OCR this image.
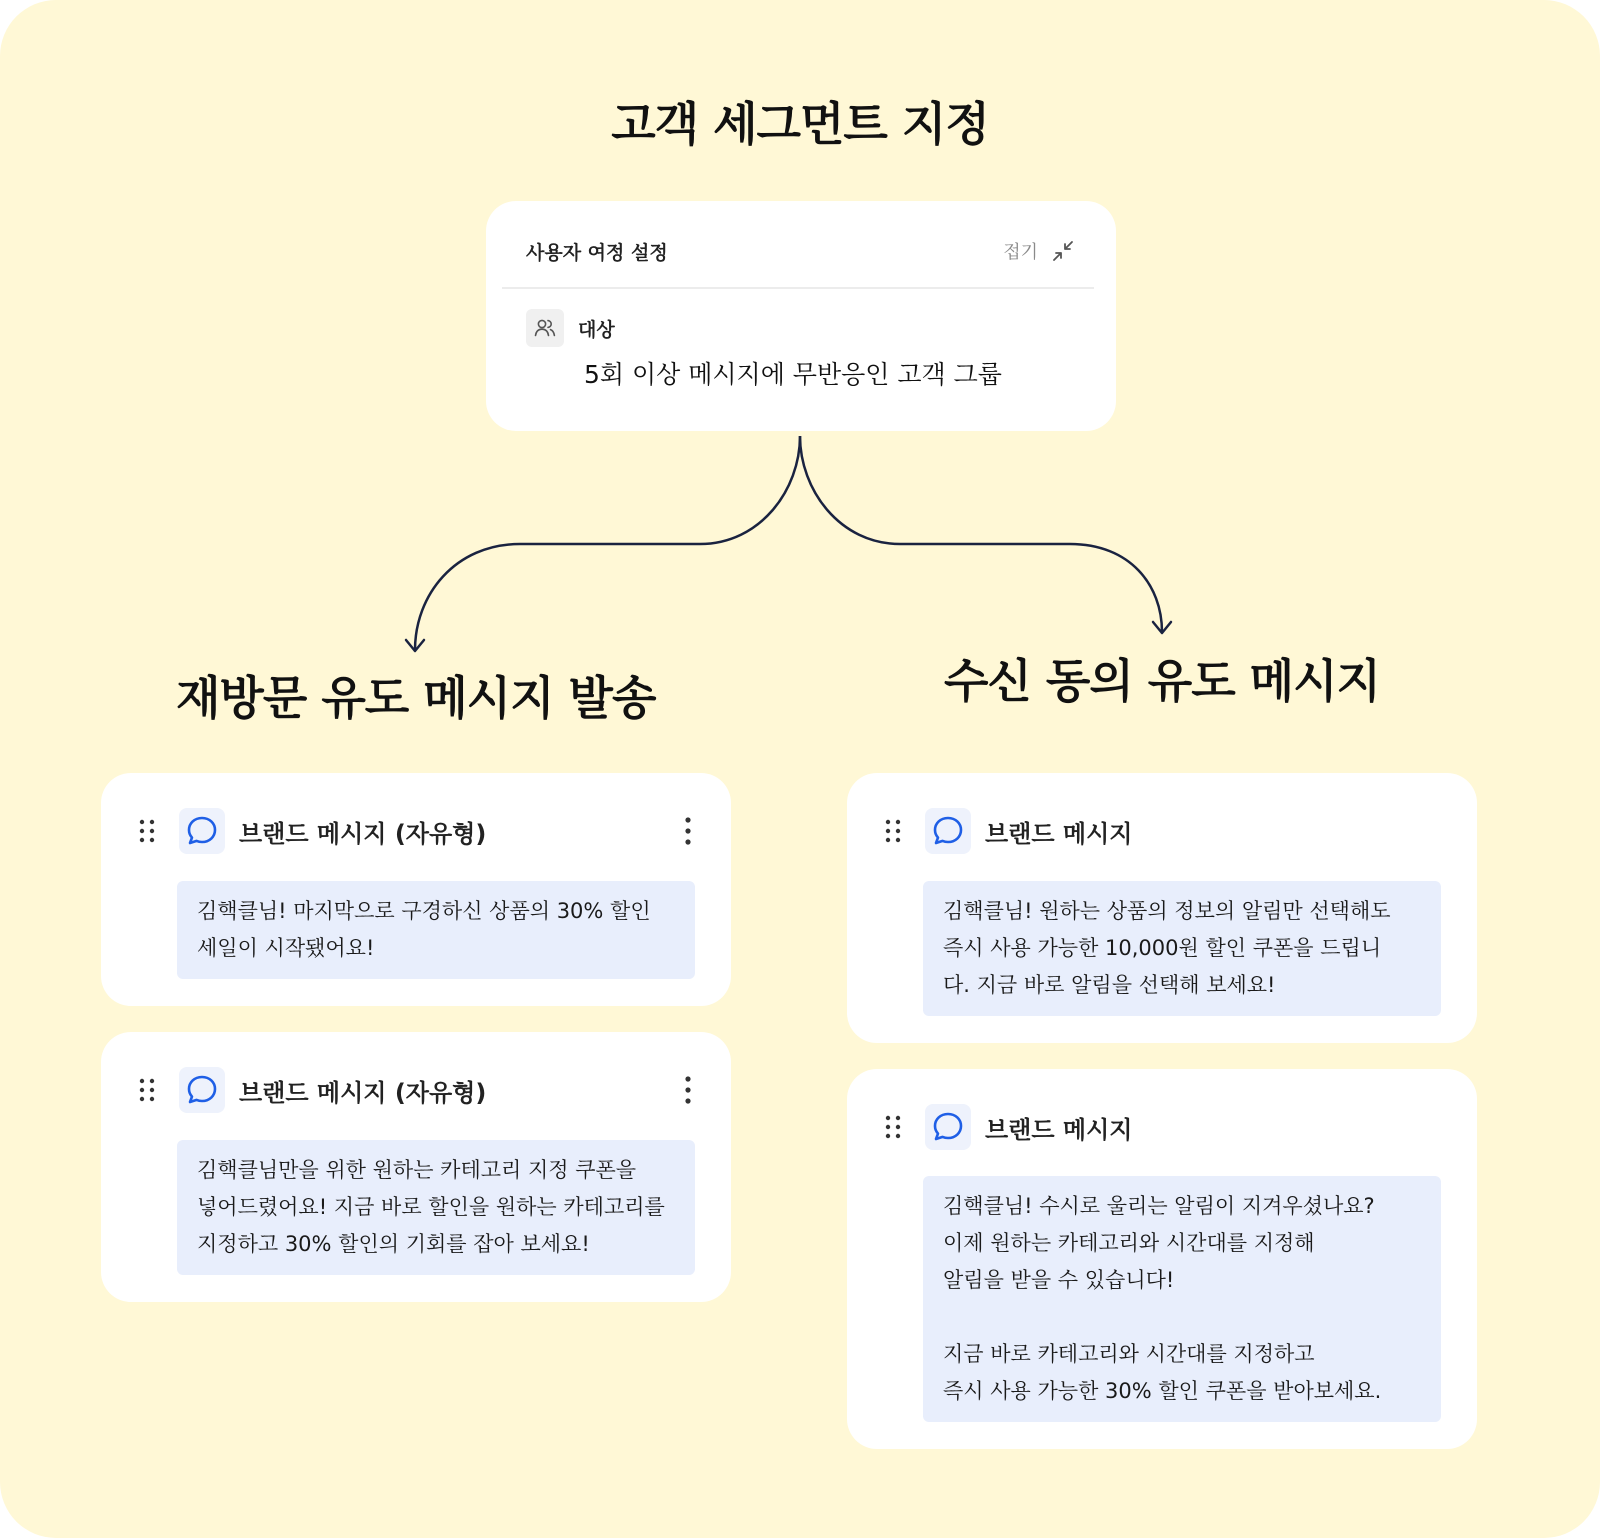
고객 세그먼트 지정
사용자 여정 설정	접기
대상
5회 이상 메시지에 무반응인 고객 그룹
재방문 유도 메시지 발송	수신 동의 유도 메시지
브랜드 메시지 (자유형)

김핵클님! 마지막으로 구경하신 상품의 30% 할인
세일이 시작됐어요!

브랜드 메시지 (자유형)

김핵클님만을 위한 원하는 카테고리 지정 쿠폰을
넣어드렸어요! 지금 바로 할인을 원하는 카테고리를
지정하고 30% 할인의 기회를 잡아 보세요!

브랜드 메시지

김핵클님! 원하는 상품의 정보의 알림만 선택해도
즉시 사용 가능한 10,000원 할인 쿠폰을 드립니
다. 지금 바로 알림을 선택해 보세요!

브랜드 메시지

김핵클님! 수시로 울리는 알림이 지겨우셨나요?
이제 원하는 카테고리와 시간대를 지정해
알림을 받을 수 있습니다!

지금 바로 카테고리와 시간대를 지정하고
즉시 사용 가능한 30% 할인 쿠폰을 받아보세요.
